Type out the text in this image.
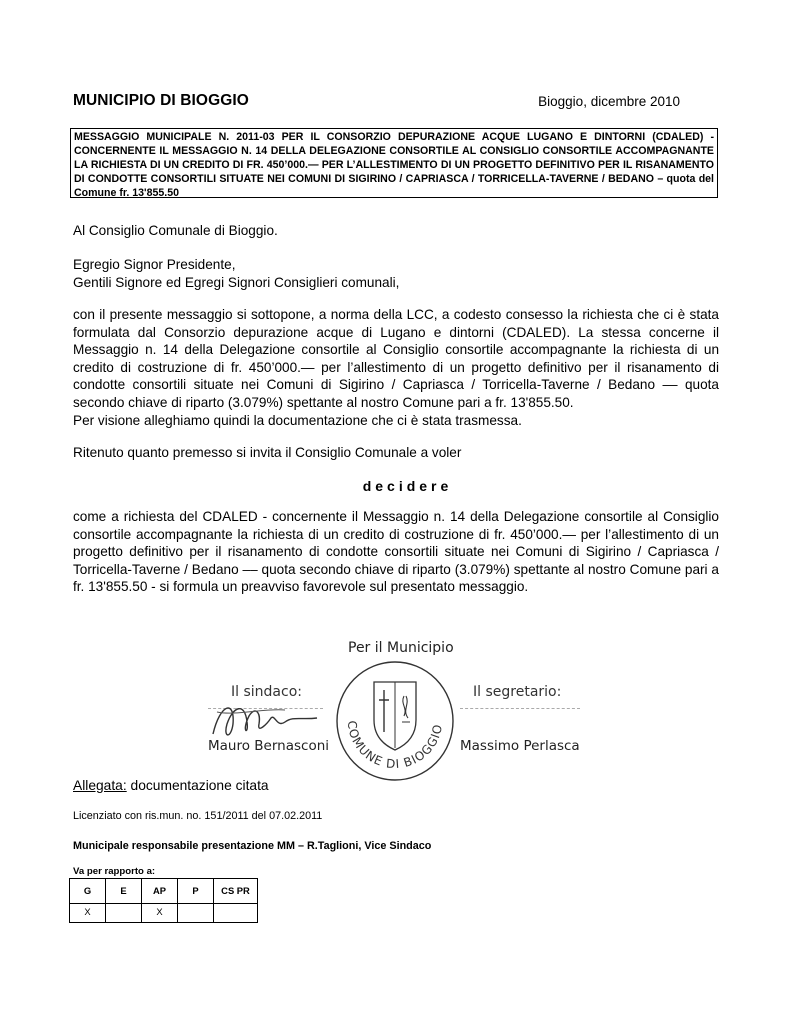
MUNICIPIO DI BIOGGIO	Bioggio, dicembre 2010
MESSAGGIO MUNICIPALE N. 2011-03 PER IL CONSORZIO DEPURAZIONE ACQUE LUGANO E DINTORNI (CDALED) - CONCERNENTE IL MESSAGGIO N. 14 DELLA DELEGAZIONE CONSORTILE AL CONSIGLIO CONSORTILE ACCOMPAGNANTE LA RICHIESTA DI UN CREDITO DI FR. 450’000.— PER L’ALLESTIMENTO DI UN PROGETTO DEFINITIVO PER IL RISANAMENTO DI CONDOTTE CONSORTILI SITUATE NEI COMUNI DI SIGIRINO / CAPRIASCA / TORRICELLA-TAVERNE / BEDANO – quota del Comune fr. 13'855.50
Al Consiglio Comunale di Bioggio.
Egregio Signor Presidente,
Gentili Signore ed Egregi Signori Consiglieri comunali,

con il presente messaggio si sottopone, a norma della LCC, a codesto consesso la richiesta che ci è stata formulata dal Consorzio depurazione acque di Lugano e dintorni (CDALED). La stessa concerne il Messaggio n. 14 della Delegazione consortile al Consiglio consortile accompagnante la richiesta di un credito di costruzione di fr. 450’000.— per l’allestimento di un progetto definitivo per il risanamento di condotte consortili situate nei Comuni di Sigirino / Capriasca / Torricella-Taverne / Bedano –– quota secondo chiave di riparto (3.079%) spettante al nostro Comune pari a fr. 13'855.50.

Per visione alleghiamo quindi la documentazione che ci è stata trasmessa.

Ritenuto quanto premesso si invita il Consiglio Comunale a voler
decidere
come a richiesta del CDALED - concernente il Messaggio n. 14 della Delegazione consortile al Consiglio consortile accompagnante la richiesta di un credito di costruzione di fr. 450’000.— per l’allestimento di un progetto definitivo per il risanamento di condotte consortili situate nei Comuni di Sigirino / Capriasca / Torricella-Taverne / Bedano –– quota secondo chiave di riparto (3.079%) spettante al nostro Comune pari a fr. 13'855.50 - si formula un preavviso favorevole sul presentato messaggio.
Per il Municipio
Il sindaco:
Mauro Bernasconi
COMUNE DI BIOGGIO
Il segretario:
Massimo Perlasca
Allegata: documentazione citata
Licenziato con ris.mun. no. 151/2011 del 07.02.2011
Municipale responsabile presentazione MM – R.Taglioni, Vice Sindaco
Va per rapporto a:
G	E	AP	P	CS PR
X		X		
